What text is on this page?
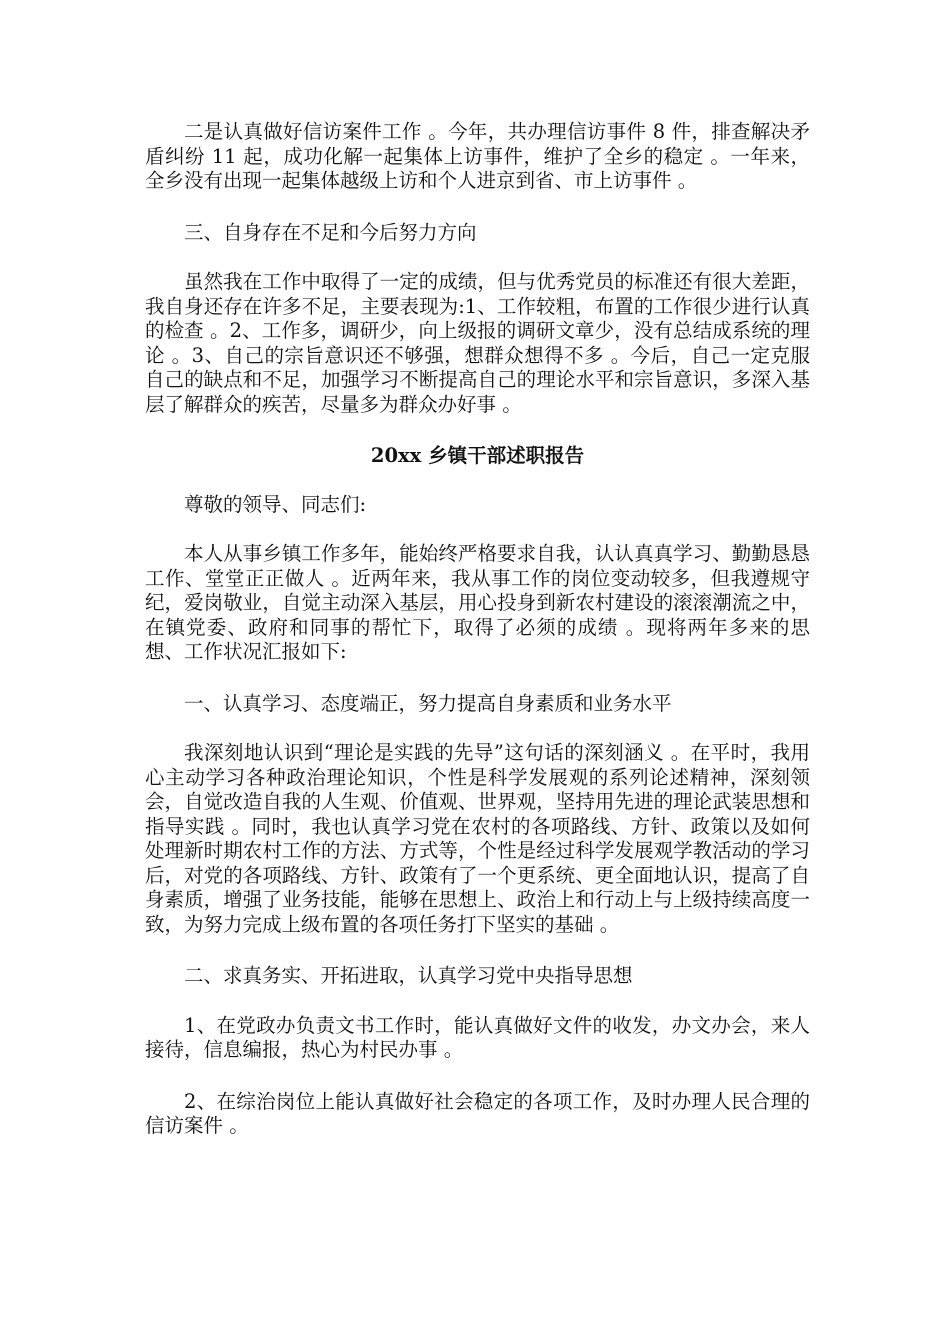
二是认真做好信访案件工作 。今年，共办理信访事件 8 件，排查解决矛盾纠纷 11 起，成功化解一起集体上访事件，维护了全乡的稳定 。一年来，全乡没有出现一起集体越级上访和个人进京到省、市上访事件 。

三、自身存在不足和今后努力方向

虽然我在工作中取得了一定的成绩，但与优秀党员的标准还有很大差距，我自身还存在许多不足，主要表现为:1、工作较粗，布置的工作很少进行认真的检查 。2、工作多，调研少，向上级报的调研文章少，没有总结成系统的理论 。3、自己的宗旨意识还不够强，想群众想得不多 。今后，自己一定克服自己的缺点和不足，加强学习不断提高自己的理论水平和宗旨意识，多深入基层了解群众的疾苦，尽量多为群众办好事 。

20xx 乡镇干部述职报告

尊敬的领导、同志们:

本人从事乡镇工作多年，能始终严格要求自我，认认真真学习、勤勤恳恳工作、堂堂正正做人 。近两年来，我从事工作的岗位变动较多，但我遵规守纪，爱岗敬业，自觉主动深入基层，用心投身到新农村建设的滚滚潮流之中，在镇党委、政府和同事的帮忙下，取得了必须的成绩 。现将两年多来的思想、工作状况汇报如下:

一、认真学习、态度端正，努力提高自身素质和业务水平

我深刻地认识到“理论是实践的先导”这句话的深刻涵义 。在平时，我用心主动学习各种政治理论知识，个性是科学发展观的系列论述精神，深刻领会，自觉改造自我的人生观、价值观、世界观，坚持用先进的理论武装思想和指导实践 。同时，我也认真学习党在农村的各项路线、方针、政策以及如何处理新时期农村工作的方法、方式等，个性是经过科学发展观学教活动的学习后，对党的各项路线、方针、政策有了一个更系统、更全面地认识，提高了自身素质，增强了业务技能，能够在思想上、政治上和行动上与上级持续高度一致，为努力完成上级布置的各项任务打下坚实的基础 。

二、求真务实、开拓进取，认真学习党中央指导思想

1、在党政办负责文书工作时，能认真做好文件的收发，办文办会，来人接待，信息编报，热心为村民办事 。

2、在综治岗位上能认真做好社会稳定的各项工作，及时办理人民合理的信访案件 。
